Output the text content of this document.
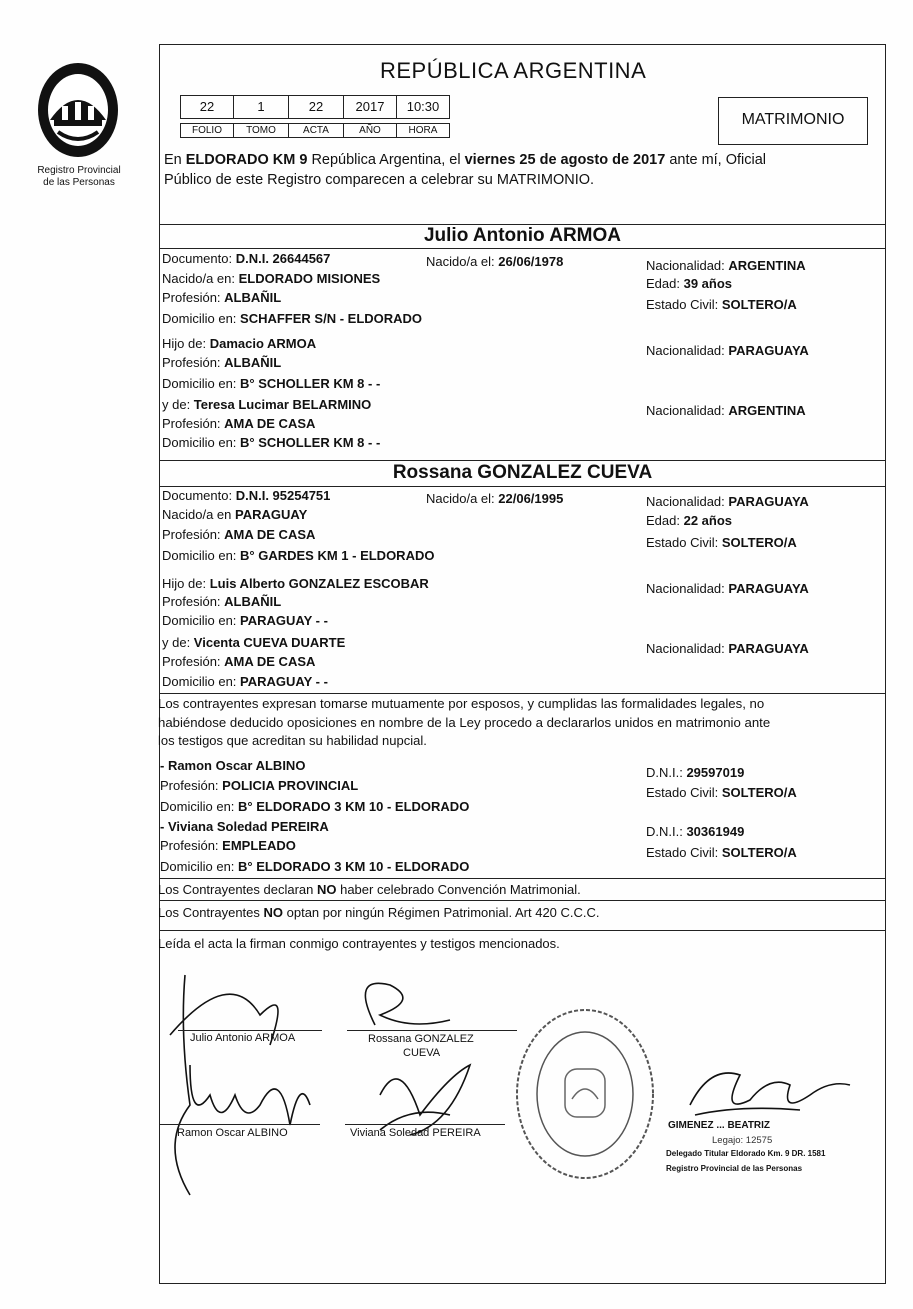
Registro Provincial
de las Personas
REPÚBLICA ARGENTINA
22	1	22	2017	10:30
FOLIO	TOMO	ACTA	AÑO	HORA
MATRIMONIO
En ELDORADO KM 9 República Argentina, el viernes 25 de agosto de 2017 ante mí, Oficial
Público de este Registro comparecen a celebrar su MATRIMONIO.
Julio Antonio ARMOA
Documento: D.N.I. 26644567	Nacido/a el: 26/06/1978	Nacionalidad: ARGENTINA
Nacido/a en: ELDORADO MISIONES	Edad: 39 años
Profesión: ALBAÑIL	Estado Civil: SOLTERO/A
Domicilio en: SCHAFFER S/N - ELDORADO
Hijo de: Damacio ARMOA	Nacionalidad: PARAGUAYA
Profesión: ALBAÑIL
Domicilio en: B° SCHOLLER KM 8 - -
y de: Teresa Lucimar BELARMINO	Nacionalidad: ARGENTINA
Profesión: AMA DE CASA
Domicilio en: B° SCHOLLER KM 8 - -
Rossana GONZALEZ CUEVA
Documento: D.N.I. 95254751	Nacido/a el: 22/06/1995	Nacionalidad: PARAGUAYA
Nacido/a en PARAGUAY	Edad: 22 años
Profesión: AMA DE CASA
Estado Civil: SOLTERO/A
Domicilio en: B° GARDES KM 1 - ELDORADO
Hijo de: Luis Alberto GONZALEZ ESCOBAR	Nacionalidad: PARAGUAYA
Profesión: ALBAÑIL
Domicilio en: PARAGUAY - -
y de: Vicenta CUEVA DUARTE	Nacionalidad: PARAGUAYA
Profesión: AMA DE CASA
Domicilio en: PARAGUAY - -
Los contrayentes expresan tomarse mutuamente por esposos, y cumplidas las formalidades legales, no
habiéndose deducido oposiciones en nombre de la Ley procedo a declararlos unidos en matrimonio ante
los testigos que acreditan su habilidad nupcial.
- Ramon Oscar ALBINO	D.N.I.: 29597019
Profesión: POLICIA PROVINCIAL	Estado Civil: SOLTERO/A
Domicilio en: B° ELDORADO 3 KM 10 - ELDORADO
- Viviana Soledad PEREIRA	D.N.I.: 30361949
Profesión: EMPLEADO	Estado Civil: SOLTERO/A
Domicilio en: B° ELDORADO 3 KM 10 - ELDORADO
Los Contrayentes declaran NO haber celebrado Convención Matrimonial.
Los Contrayentes NO optan por ningún Régimen Patrimonial. Art 420 C.C.C.
Leída el acta la firman conmigo contrayentes y testigos mencionados.
Julio Antonio ARMOA	Rossana GONZALEZ
CUEVA
Ramon Oscar ALBINO	Viviana Soledad PEREIRA
GIMENEZ ... BEATRIZ
Legajo: 12575
Delegado Titular Eldorado Km. 9 DR. 1581
Registro Provincial de las Personas
